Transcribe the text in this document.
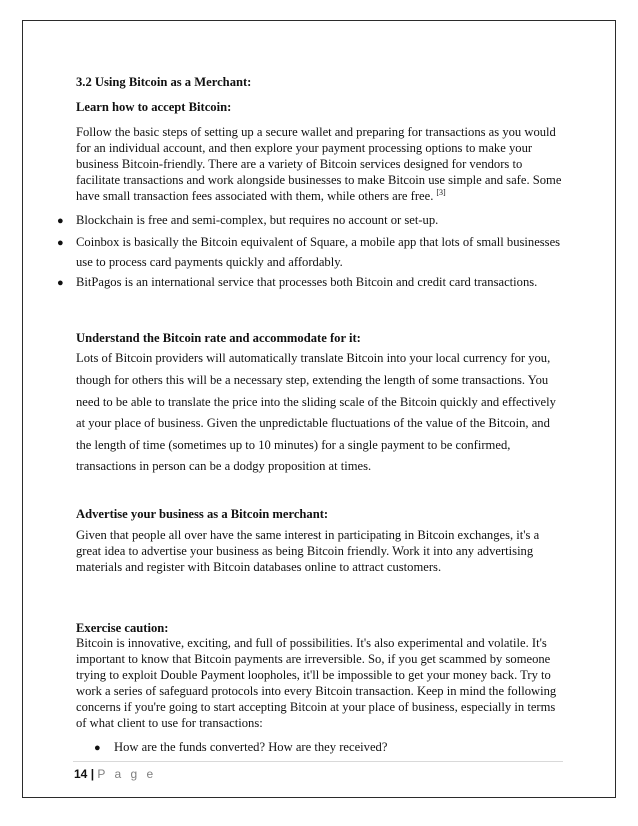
3.2 Using Bitcoin as a Merchant:

Learn how to accept Bitcoin:

Follow the basic steps of setting up a secure wallet and preparing for transactions as you would

for an individual account, and then explore your payment processing options to make your

business Bitcoin-friendly. There are a variety of Bitcoin services designed for vendors to

facilitate transactions and work alongside businesses to make Bitcoin use simple and safe. Some

have small transaction fees associated with them, while others are free. [3]

● Blockchain is free and semi-complex, but requires no account or set-up.

● Coinbox is basically the Bitcoin equivalent of Square, a mobile app that lots of small businesses

use to process card payments quickly and affordably.

● BitPagos is an international service that processes both Bitcoin and credit card transactions.

Understand the Bitcoin rate and accommodate for it:

Lots of Bitcoin providers will automatically translate Bitcoin into your local currency for you,

though for others this will be a necessary step, extending the length of some transactions. You

need to be able to translate the price into the sliding scale of the Bitcoin quickly and effectively

at your place of business. Given the unpredictable fluctuations of the value of the Bitcoin, and

the length of time (sometimes up to 10 minutes) for a single payment to be confirmed,

transactions in person can be a dodgy proposition at times.

Advertise your business as a Bitcoin merchant:

Given that people all over have the same interest in participating in Bitcoin exchanges, it's a

great idea to advertise your business as being Bitcoin friendly. Work it into any advertising

materials and register with Bitcoin databases online to attract customers.

Exercise caution:

Bitcoin is innovative, exciting, and full of possibilities. It's also experimental and volatile. It's

important to know that Bitcoin payments are irreversible. So, if you get scammed by someone

trying to exploit Double Payment loopholes, it'll be impossible to get your money back. Try to

work a series of safeguard protocols into every Bitcoin transaction. Keep in mind the following

concerns if you're going to start accepting Bitcoin at your place of business, especially in terms

of what client to use for transactions:

● How are the funds converted? How are they received?

14 | P a g e
